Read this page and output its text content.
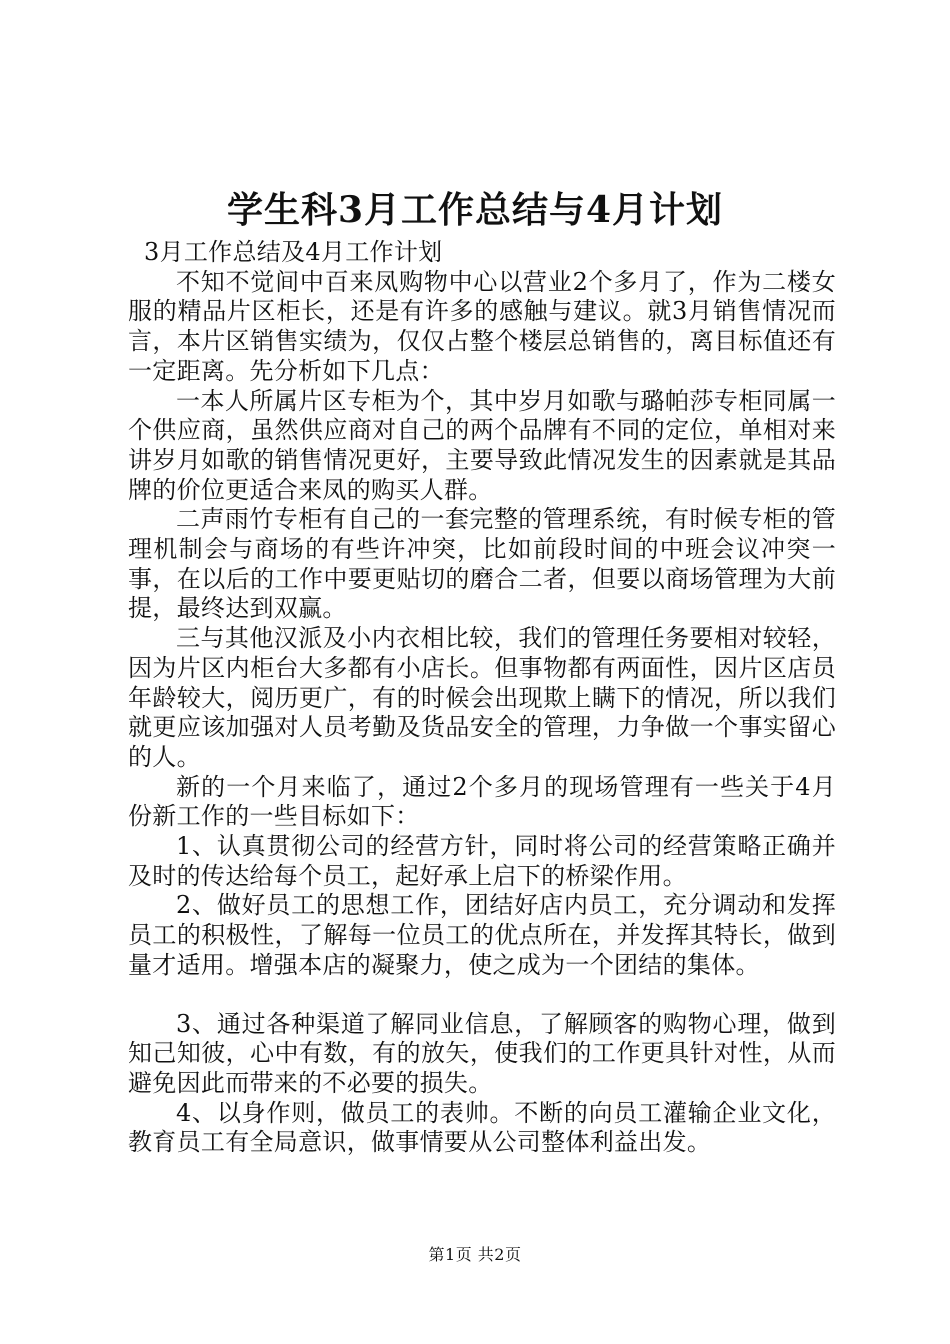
学生科3月工作总结与4月计划

3月工作总结及4月工作计划

不知不觉间中百来凤购物中心以营业2个多月了，作为二楼女服的精品片区柜长，还是有许多的感触与建议。就3月销售情况而言，本片区销售实绩为，仅仅占整个楼层总销售的，离目标值还有一定距离。先分析如下几点：

一本人所属片区专柜为个，其中岁月如歌与璐帕莎专柜同属一个供应商，虽然供应商对自己的两个品牌有不同的定位，单相对来讲岁月如歌的销售情况更好，主要导致此情况发生的因素就是其品牌的价位更适合来凤的购买人群。

二声雨竹专柜有自己的一套完整的管理系统，有时候专柜的管理机制会与商场的有些许冲突，比如前段时间的中班会议冲突一事，在以后的工作中要更贴切的磨合二者，但要以商场管理为大前提，最终达到双赢。

三与其他汉派及小内衣相比较，我们的管理任务要相对较轻，因为片区内柜台大多都有小店长。但事物都有两面性，因片区店员年龄较大，阅历更广，有的时候会出现欺上瞒下的情况，所以我们就更应该加强对人员考勤及货品安全的管理，力争做一个事实留心的人。

新的一个月来临了，通过2个多月的现场管理有一些关于4月份新工作的一些目标如下：

1、认真贯彻公司的经营方针，同时将公司的经营策略正确并及时的传达给每个员工，起好承上启下的桥梁作用。

2、做好员工的思想工作，团结好店内员工，充分调动和发挥员工的积极性，了解每一位员工的优点所在，并发挥其特长，做到量才适用。增强本店的凝聚力，使之成为一个团结的集体。

3、通过各种渠道了解同业信息，了解顾客的购物心理，做到知己知彼，心中有数，有的放矢，使我们的工作更具针对性，从而避免因此而带来的不必要的损失。

4、以身作则，做员工的表帅。不断的向员工灌输企业文化，教育员工有全局意识，做事情要从公司整体利益出发。

第1页 共2页
